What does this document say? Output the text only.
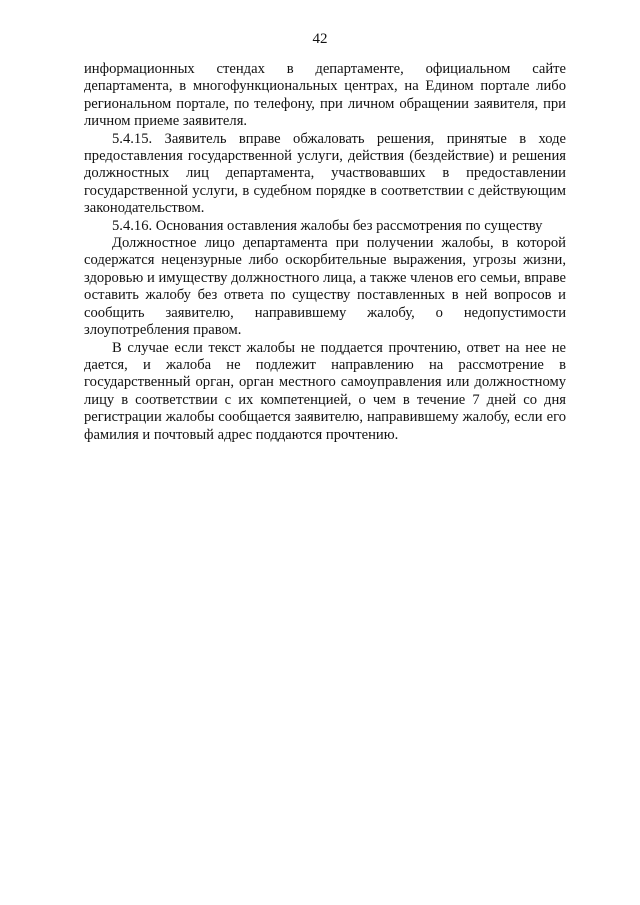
42

информационных стендах в департаменте, официальном сайте департамента, в многофункциональных центрах, на Едином портале либо региональном портале, по телефону, при личном обращении заявителя, при личном приеме заявителя.

5.4.15. Заявитель вправе обжаловать решения, принятые в ходе предоставления государственной услуги, действия (бездействие) и решения должностных лиц департамента, участвовавших в предоставлении государственной услуги, в судебном порядке в соответствии с действующим законодательством.

5.4.16. Основания оставления жалобы без рассмотрения по существу

Должностное лицо департамента при получении жалобы, в которой содержатся нецензурные либо оскорбительные выражения, угрозы жизни, здоровью и имуществу должностного лица, а также членов его семьи, вправе оставить жалобу без ответа по существу поставленных в ней вопросов и сообщить заявителю, направившему жалобу, о недопустимости злоупотребления правом.

В случае если текст жалобы не поддается прочтению, ответ на нее не дается, и жалоба не подлежит направлению на рассмотрение в государственный орган, орган местного самоуправления или должностному лицу в соответствии с их компетенцией, о чем в течение 7 дней со дня регистрации жалобы сообщается заявителю, направившему жалобу, если его фамилия и почтовый адрес поддаются прочтению.
